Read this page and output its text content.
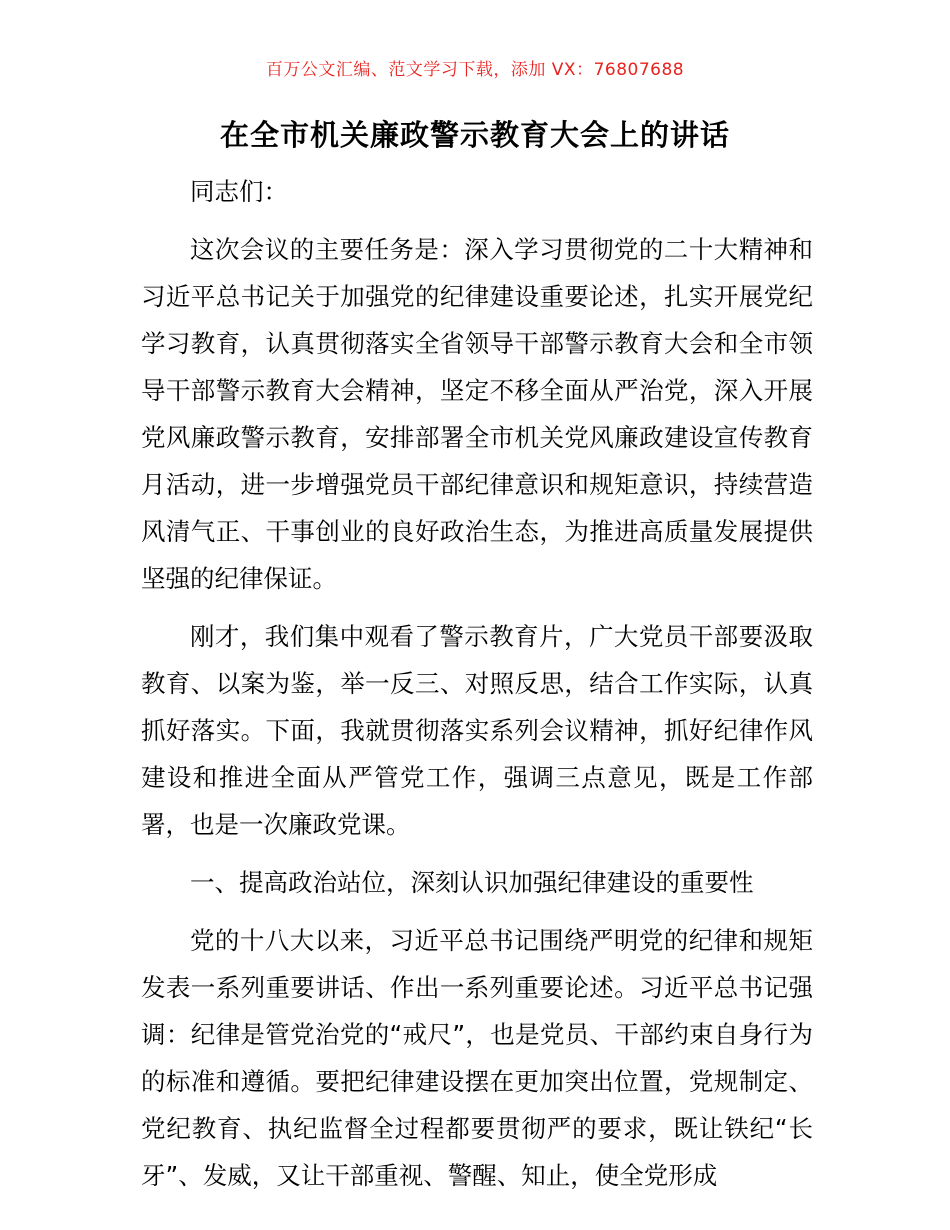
百万公文汇编、范文学习下载，添加 VX：76807688
在全市机关廉政警示教育大会上的讲话

同志们：

这次会议的主要任务是：深入学习贯彻党的二十大精神和习近平总书记关于加强党的纪律建设重要论述，扎实开展党纪学习教育，认真贯彻落实全省领导干部警示教育大会和全市领导干部警示教育大会精神，坚定不移全面从严治党，深入开展党风廉政警示教育，安排部署全市机关党风廉政建设宣传教育月活动，进一步增强党员干部纪律意识和规矩意识，持续营造风清气正、干事创业的良好政治生态，为推进高质量发展提供坚强的纪律保证。

刚才，我们集中观看了警示教育片，广大党员干部要汲取教育、以案为鉴，举一反三、对照反思，结合工作实际，认真抓好落实。下面，我就贯彻落实系列会议精神，抓好纪律作风建设和推进全面从严管党工作，强调三点意见，既是工作部署，也是一次廉政党课。

一、提高政治站位，深刻认识加强纪律建设的重要性

党的十八大以来，习近平总书记围绕严明党的纪律和规矩发表一系列重要讲话、作出一系列重要论述。习近平总书记强调：纪律是管党治党的“戒尺”，也是党员、干部约束自身行为的标准和遵循。要把纪律建设摆在更加突出位置，党规制定、党纪教育、执纪监督全过程都要贯彻严的要求，既让铁纪“长牙”、发威，又让干部重视、警醒、知止，使全党形成
